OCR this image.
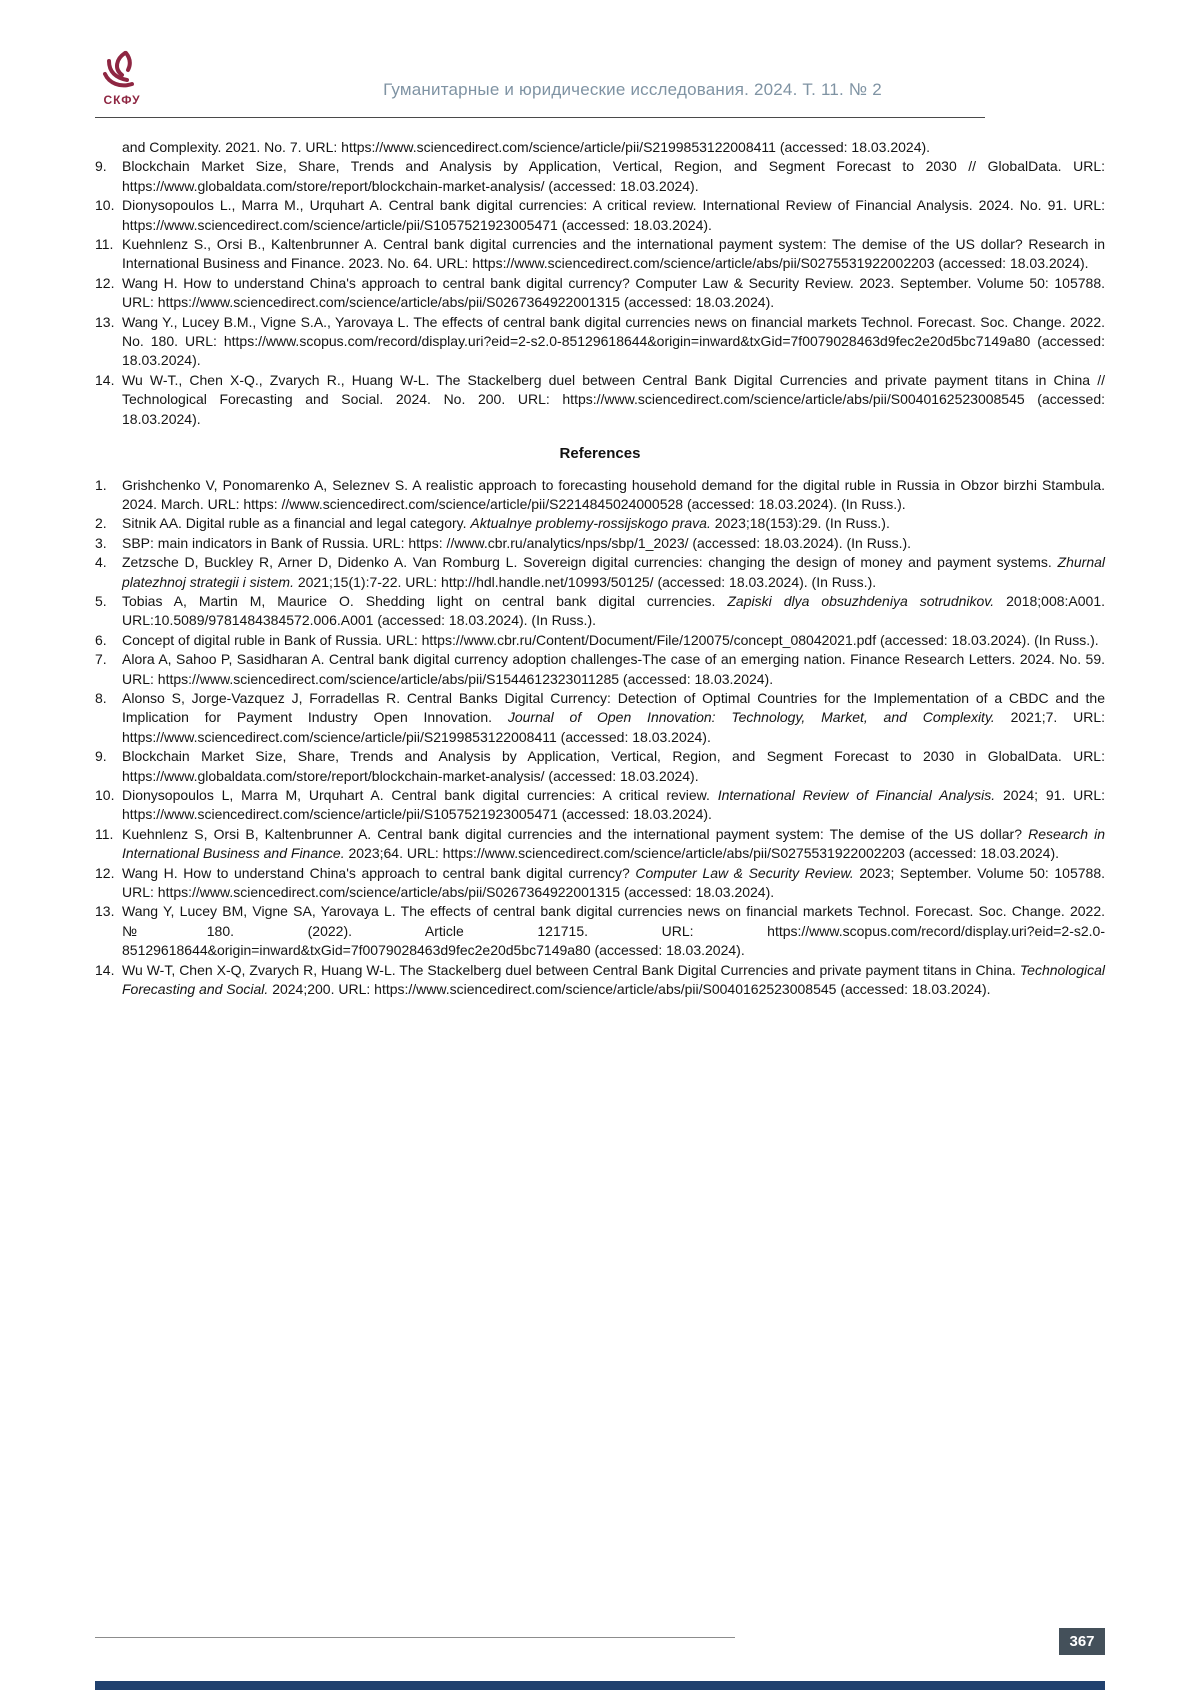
СКФУ
Гуманитарные и юридические исследования. 2024. Т. 11. № 2

and Complexity. 2021. No. 7. URL: https://www.sciencedirect.com/science/article/pii/S2199853122008411 (accessed: 18.03.2024).

9. Blockchain Market Size, Share, Trends and Analysis by Application, Vertical, Region, and Segment Forecast to 2030 // GlobalData. URL: https://www.globaldata.com/store/report/blockchain-market-analysis/ (accessed: 18.03.2024).
10. Dionysopoulos L., Marra M., Urquhart A. Central bank digital currencies: A critical review. International Review of Financial Analysis. 2024. No. 91. URL: https://www.sciencedirect.com/science/article/pii/S1057521923005471 (accessed: 18.03.2024).
11. Kuehnlenz S., Orsi B., Kaltenbrunner A. Central bank digital currencies and the international payment system: The demise of the US dollar? Research in International Business and Finance. 2023. No. 64. URL: https://www.sciencedirect.com/science/article/abs/pii/S0275531922002203 (accessed: 18.03.2024).
12. Wang H. How to understand China's approach to central bank digital currency? Computer Law & Security Review. 2023. September. Volume 50: 105788. URL: https://www.sciencedirect.com/science/article/abs/pii/S0267364922001315 (accessed: 18.03.2024).
13. Wang Y., Lucey B.M., Vigne S.A., Yarovaya L. The effects of central bank digital currencies news on financial markets Technol. Forecast. Soc. Change. 2022. No. 180. URL: https://www.scopus.com/record/display.uri?eid=2-s2.0-85129618644&origin=inward&txGid=7f0079028463d9fec2e20d5bc7149a80 (accessed: 18.03.2024).
14. Wu W-T., Chen X-Q., Zvarych R., Huang W-L. The Stackelberg duel between Central Bank Digital Currencies and private payment titans in China // Technological Forecasting and Social. 2024. No. 200. URL: https://www.sciencedirect.com/science/article/abs/pii/S0040162523008545 (accessed: 18.03.2024).
References
1. Grishchenko V, Ponomarenko A, Seleznev S. A realistic approach to forecasting household demand for the digital ruble in Russia in Obzor birzhi Stambula. 2024. March. URL: https: //www.sciencedirect.com/science/article/pii/S2214845024000528 (accessed: 18.03.2024). (In Russ.).
2. Sitnik AA. Digital ruble as a financial and legal category. Aktualnye problemy-rossijskogo prava. 2023;18(153):29. (In Russ.).
3. SBP: main indicators in Bank of Russia. URL: https: //www.cbr.ru/analytics/nps/sbp/1_2023/ (accessed: 18.03.2024). (In Russ.).
4. Zetzsche D, Buckley R, Arner D, Didenko A. Van Romburg L. Sovereign digital currencies: changing the design of money and payment systems. Zhurnal platezhnoj strategii i sistem. 2021;15(1):7-22. URL: http://hdl.handle.net/10993/50125/ (accessed: 18.03.2024). (In Russ.).
5. Tobias A, Martin M, Maurice O. Shedding light on central bank digital currencies. Zapiski dlya obsuzhdeniya sotrudnikov. 2018;008:A001. URL:10.5089/9781484384572.006.A001 (accessed: 18.03.2024). (In Russ.).
6. Concept of digital ruble in Bank of Russia. URL: https://www.cbr.ru/Content/Document/File/120075/concept_08042021.pdf (accessed: 18.03.2024). (In Russ.).
7. Alora A, Sahoo P, Sasidharan A. Central bank digital currency adoption challenges-The case of an emerging nation. Finance Research Letters. 2024. No. 59. URL: https://www.sciencedirect.com/science/article/abs/pii/S1544612323011285 (accessed: 18.03.2024).
8. Alonso S, Jorge-Vazquez J, Forradellas R. Central Banks Digital Currency: Detection of Optimal Countries for the Implementation of a CBDC and the Implication for Payment Industry Open Innovation. Journal of Open Innovation: Technology, Market, and Complexity. 2021;7. URL: https://www.sciencedirect.com/science/article/pii/S2199853122008411 (accessed: 18.03.2024).
9. Blockchain Market Size, Share, Trends and Analysis by Application, Vertical, Region, and Segment Forecast to 2030 in GlobalData. URL: https://www.globaldata.com/store/report/blockchain-market-analysis/ (accessed: 18.03.2024).
10. Dionysopoulos L, Marra M, Urquhart A. Central bank digital currencies: A critical review. International Review of Financial Analysis. 2024; 91. URL: https://www.sciencedirect.com/science/article/pii/S1057521923005471 (accessed: 18.03.2024).
11. Kuehnlenz S, Orsi B, Kaltenbrunner A. Central bank digital currencies and the international payment system: The demise of the US dollar? Research in International Business and Finance. 2023;64. URL: https://www.sciencedirect.com/science/article/abs/pii/S0275531922002203 (accessed: 18.03.2024).
12. Wang H. How to understand China's approach to central bank digital currency? Computer Law & Security Review. 2023; September. Volume 50: 105788. URL: https://www.sciencedirect.com/science/article/abs/pii/S0267364922001315 (accessed: 18.03.2024).
13. Wang Y, Lucey BM, Vigne SA, Yarovaya L. The effects of central bank digital currencies news on financial markets Technol. Forecast. Soc. Change. 2022. №180. (2022). Article 121715. URL: https://www.scopus.com/record/display.uri?eid=2-s2.0-85129618644&origin=inward&txGid=7f0079028463d9fec2e20d5bc7149a80 (accessed: 18.03.2024).
14. Wu W-T, Chen X-Q, Zvarych R, Huang W-L. The Stackelberg duel between Central Bank Digital Currencies and private payment titans in China. Technological Forecasting and Social. 2024;200. URL: https://www.sciencedirect.com/science/article/abs/pii/S0040162523008545 (accessed: 18.03.2024).
367
